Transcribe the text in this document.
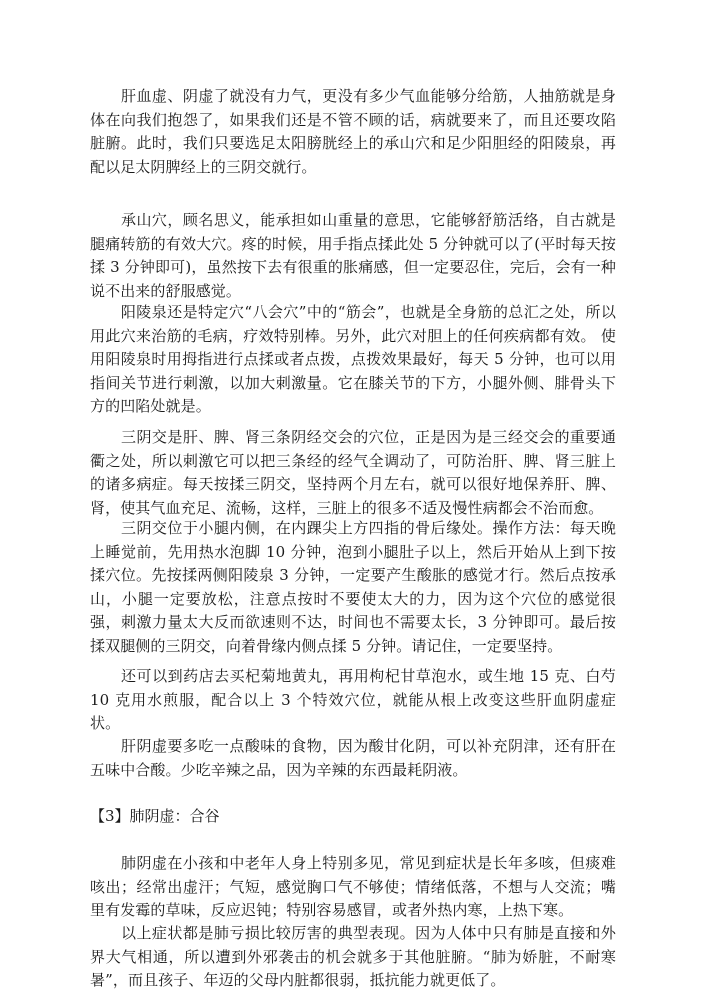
　　肝血虚、阴虚了就没有力气，更没有多少气血能够分给筋，人抽筋就是身体在向我们抱怨了，如果我们还是不管不顾的话，病就要来了，而且还要攻陷脏腑。此时，我们只要选足太阳膀胱经上的承山穴和足少阳胆经的阳陵泉，再配以足太阴脾经上的三阴交就行。

　　承山穴，顾名思义，能承担如山重量的意思，它能够舒筋活络，自古就是腿痛转筋的有效大穴。疼的时候，用手指点揉此处 5 分钟就可以了(平时每天按揉 3 分钟即可)，虽然按下去有很重的胀痛感，但一定要忍住，完后，会有一种说不出来的舒服感觉。

　　阳陵泉还是特定穴“八会穴”中的“筋会”，也就是全身筋的总汇之处，所以用此穴来治筋的毛病，疗效特别棒。另外，此穴对胆上的任何疾病都有效。 使用阳陵泉时用拇指进行点揉或者点拨，点拨效果最好，每天 5 分钟，也可以用指间关节进行刺激，以加大刺激量。它在膝关节的下方，小腿外侧、腓骨头下方的凹陷处就是。

　　三阴交是肝、脾、肾三条阴经交会的穴位，正是因为是三经交会的重要通衢之处，所以刺激它可以把三条经的经气全调动了，可防治肝、脾、肾三脏上的诸多病症。每天按揉三阴交，坚持两个月左右，就可以很好地保养肝、脾、肾，使其气血充足、流畅，这样，三脏上的很多不适及慢性病都会不治而愈。

　　三阴交位于小腿内侧，在内踝尖上方四指的骨后缘处。操作方法：每天晚上睡觉前，先用热水泡脚 10 分钟，泡到小腿肚子以上，然后开始从上到下按揉穴位。先按揉两侧阳陵泉 3 分钟，一定要产生酸胀的感觉才行。然后点按承山，小腿一定要放松，注意点按时不要使太大的力，因为这个穴位的感觉很强，刺激力量太大反而欲速则不达，时间也不需要太长，3 分钟即可。最后按揉双腿侧的三阴交，向着骨缘内侧点揉 5 分钟。请记住，一定要坚持。

　　还可以到药店去买杞菊地黄丸，再用枸杞甘草泡水，或生地 15 克、白芍 10 克用水煎服，配合以上 3 个特效穴位，就能从根上改变这些肝血阴虚症状。

　　肝阴虚要多吃一点酸味的食物，因为酸甘化阴，可以补充阴津，还有肝在五味中合酸。少吃辛辣之品，因为辛辣的东西最耗阴液。

【3】肺阴虚：合谷

　　肺阴虚在小孩和中老年人身上特别多见，常见到症状是长年多咳，但痰难咳出；经常出虚汗；气短，感觉胸口气不够使；情绪低落，不想与人交流；嘴里有发霉的草味，反应迟钝；特别容易感冒，或者外热内寒，上热下寒。

　　以上症状都是肺亏损比较厉害的典型表现。因为人体中只有肺是直接和外界大气相通，所以遭到外邪袭击的机会就多于其他脏腑。“肺为娇脏，不耐寒暑”，而且孩子、年迈的父母内脏都很弱，抵抗能力就更低了。
